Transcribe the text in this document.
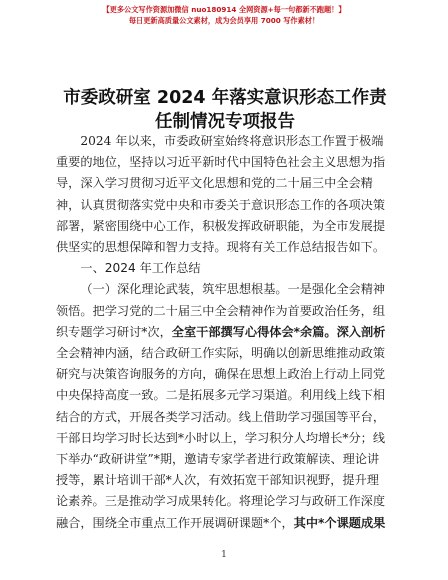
【更多公文写作资源加微信 nuo180914 全网资源+每一句都新不跑题！】
每日更新高质量公文素材，成为会员享用 7000 写作素材！
市委政研室 2024 年落实意识形态工作责任制情况专项报告

2024 年以来，市委政研室始终将意识形态工作置于极端重要的地位，坚持以习近平新时代中国特色社会主义思想为指导，深入学习贯彻习近平文化思想和党的二十届三中全会精神，认真贯彻落实党中央和市委关于意识形态工作的各项决策部署，紧密围绕中心工作，积极发挥政研职能，为全市发展提供坚实的思想保障和智力支持。现将有关工作总结报告如下。

一、2024 年工作总结

（一）深化理论武装，筑牢思想根基。一是强化全会精神领悟。把学习党的二十届三中全会精神作为首要政治任务，组织专题学习研讨*次，全室干部撰写心得体会*余篇。深入剖析全会精神内涵，结合政研工作实际，明确以创新思维推动政策研究与决策咨询服务的方向，确保在思想上政治上行动上同党中央保持高度一致。二是拓展多元学习渠道。利用线上线下相结合的方式，开展各类学习活动。线上借助学习强国等平台，干部日均学习时长达到*小时以上，学习积分人均增长*分；线下举办“政研讲堂”*期，邀请专家学者进行政策解读、理论讲授等，累计培训干部*人次，有效拓宽干部知识视野，提升理论素养。三是推动学习成果转化。将理论学习与政研工作深度融合，围绕全市重点工作开展调研课题*个，其中*个课题成果

1
